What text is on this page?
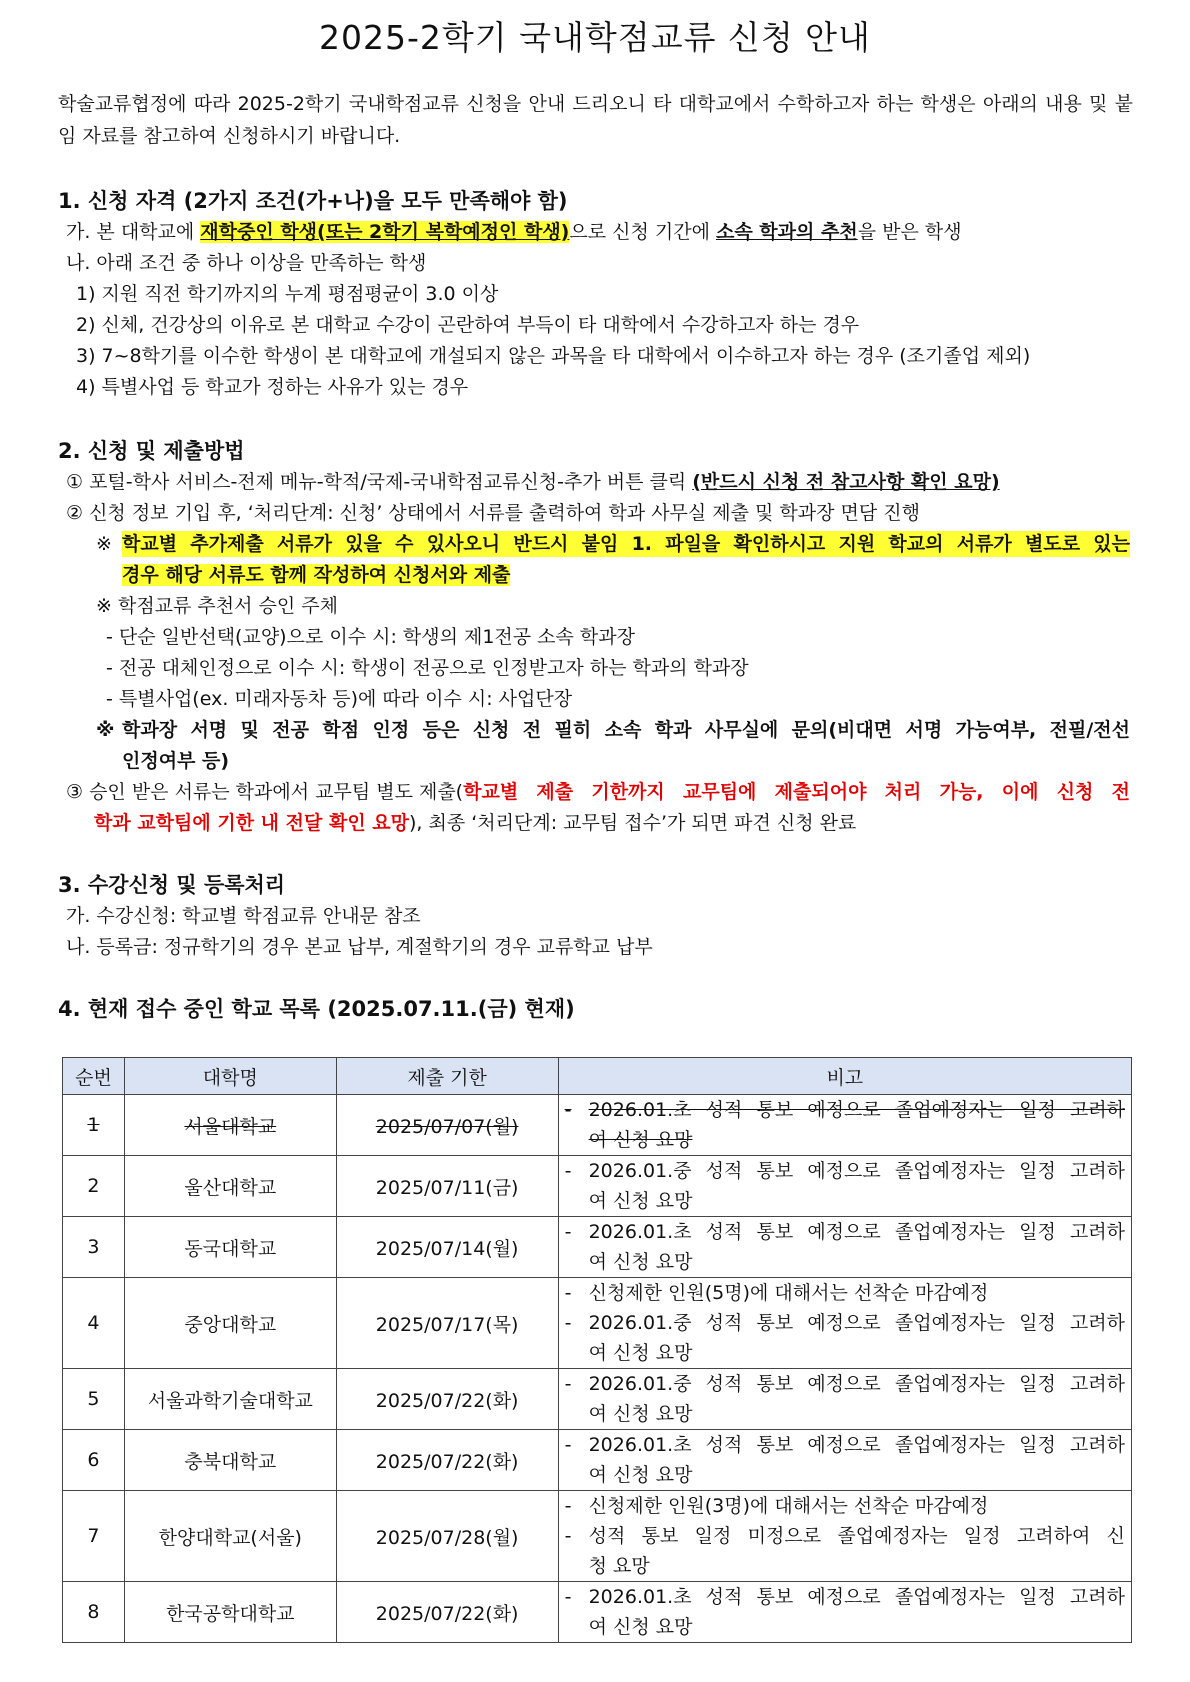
2025-2학기 국내학점교류 신청 안내
학술교류협정에 따라 2025-2학기 국내학점교류 신청을 안내 드리오니 타 대학교에서 수학하고자 하는 학생은 아래의 내용 및 붙임 자료를 참고하여 신청하시기 바랍니다.
1. 신청 자격 (2가지 조건(가+나)을 모두 만족해야 함)
가. 본 대학교에 재학중인 학생(또는 2학기 복학예정인 학생)으로 신청 기간에 소속 학과의 추천을 받은 학생
나. 아래 조건 중 하나 이상을 만족하는 학생
1) 지원 직전 학기까지의 누계 평점평균이 3.0 이상
2) 신체, 건강상의 이유로 본 대학교 수강이 곤란하여 부득이 타 대학에서 수강하고자 하는 경우
3) 7~8학기를 이수한 학생이 본 대학교에 개설되지 않은 과목을 타 대학에서 이수하고자 하는 경우 (조기졸업 제외)
4) 특별사업 등 학교가 정하는 사유가 있는 경우
2. 신청 및 제출방법
① 포털-학사 서비스-전제 메뉴-학적/국제-국내학점교류신청-추가 버튼 클릭 (반드시 신청 전 참고사항 확인 요망)
② 신청 정보 기입 후, ‘처리단계: 신청’ 상태에서 서류를 출력하여 학과 사무실 제출 및 학과장 면담 진행
※ 학교별 추가제출 서류가 있을 수 있사오니 반드시 붙임 1. 파일을 확인하시고 지원 학교의 서류가 별도로 있는
경우 해당 서류도 함께 작성하여 신청서와 제출
※ 학점교류 추천서 승인 주체
- 단순 일반선택(교양)으로 이수 시: 학생의 제1전공 소속 학과장
- 전공 대체인정으로 이수 시: 학생이 전공으로 인정받고자 하는 학과의 학과장
- 특별사업(ex. 미래자동차 등)에 따라 이수 시: 사업단장
※ 학과장 서명 및 전공 학점 인정 등은 신청 전 필히 소속 학과 사무실에 문의(비대면 서명 가능여부, 전필/전선
인정여부 등)
③ 승인 받은 서류는 학과에서 교무팀 별도 제출( 학교별 제출 기한까지 교무팀에 제출되어야 처리 가능, 이에 신청 전
학과 교학팀에 기한 내 전달 확인 요망), 최종 ‘처리단계: 교무팀 접수’가 되면 파견 신청 완료
3. 수강신청 및 등록처리
가. 수강신청: 학교별 학점교류 안내문 참조
나. 등록금: 정규학기의 경우 본교 납부, 계절학기의 경우 교류학교 납부
4. 현재 접수 중인 학교 목록 (2025.07.11.(금) 현재)
순번	대학명	제출 기한	비고
1	서울대학교	2025/07/07(월)	- 2026.01.초 성적 통보 예정으로 졸업예정자는 일정 고려하
여 신청 요망

2	울산대학교	2025/07/11(금)	- 2026.01.중 성적 통보 예정으로 졸업예정자는 일정 고려하
여 신청 요망

3	동국대학교	2025/07/14(월)	- 2026.01.초 성적 통보 예정으로 졸업예정자는 일정 고려하
여 신청 요망

4	중앙대학교	2025/07/17(목)	- 신청제한 인원(5명)에 대해서는 선착순 마감예정
- 2026.01.중 성적 통보 예정으로 졸업예정자는 일정 고려하
여 신청 요망

5	서울과학기술대학교	2025/07/22(화)	- 2026.01.중 성적 통보 예정으로 졸업예정자는 일정 고려하
여 신청 요망

6	충북대학교	2025/07/22(화)	- 2026.01.초 성적 통보 예정으로 졸업예정자는 일정 고려하
여 신청 요망

7	한양대학교(서울)	2025/07/28(월)	- 신청제한 인원(3명)에 대해서는 선착순 마감예정
- 성적 통보 일정 미정으로 졸업예정자는 일정 고려하여 신
청 요망

8	한국공학대학교	2025/07/22(화)	- 2026.01.초 성적 통보 예정으로 졸업예정자는 일정 고려하
여 신청 요망
